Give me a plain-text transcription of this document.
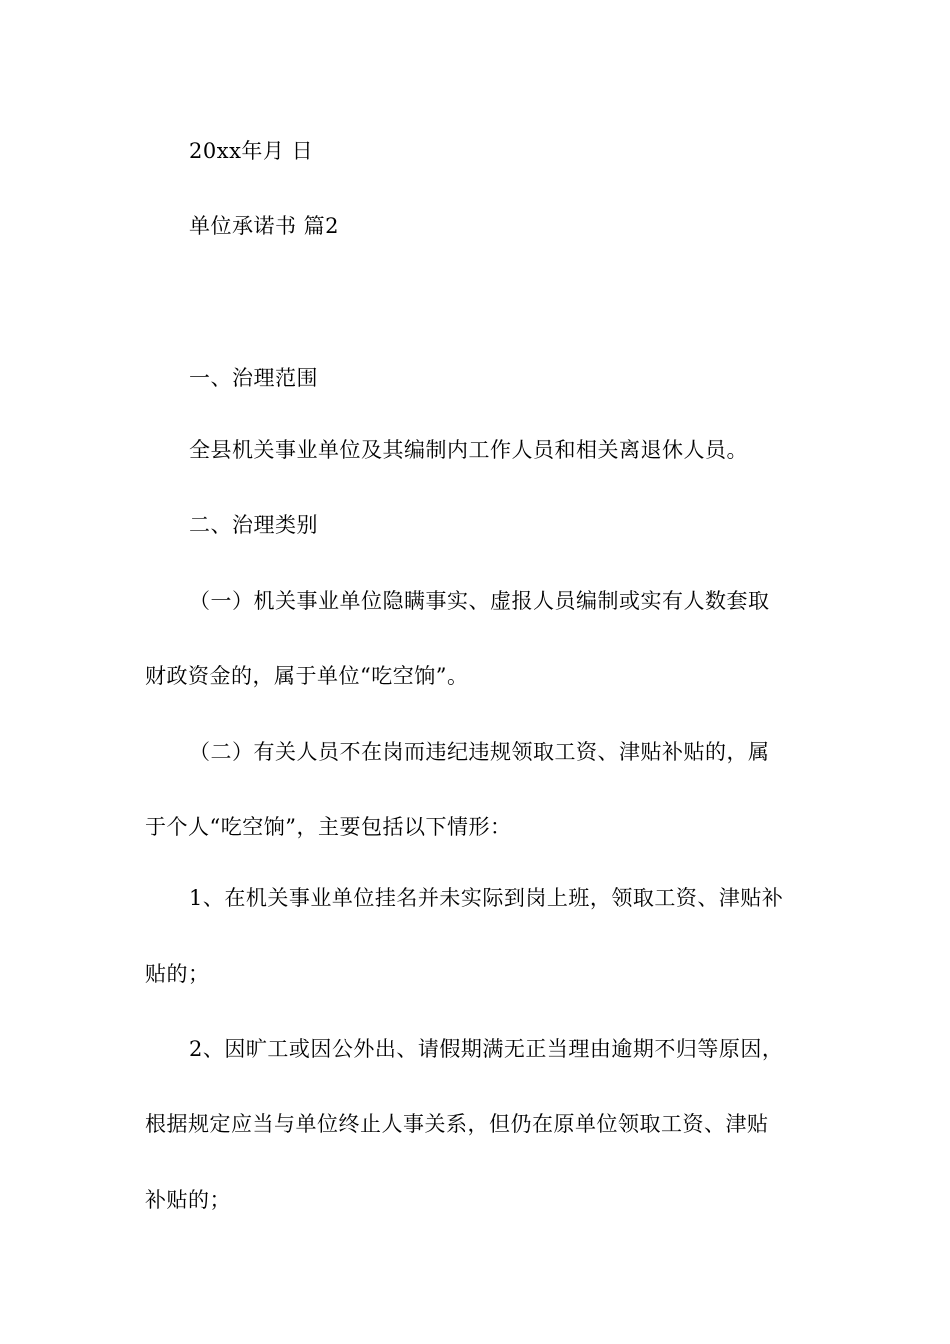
20xx年月 日
单位承诺书 篇2
一、治理范围
全县机关事业单位及其编制内工作人员和相关离退休人员。
二、治理类别
（一）机关事业单位隐瞒事实、虚报人员编制或实有人数套取
财政资金的，属于单位“吃空饷”。
（二）有关人员不在岗而违纪违规领取工资、津贴补贴的，属
于个人“吃空饷”，主要包括以下情形：
1、在机关事业单位挂名并未实际到岗上班，领取工资、津贴补
贴的；
2、因旷工或因公外出、请假期满无正当理由逾期不归等原因，
根据规定应当与单位终止人事关系，但仍在原单位领取工资、津贴
补贴的；
